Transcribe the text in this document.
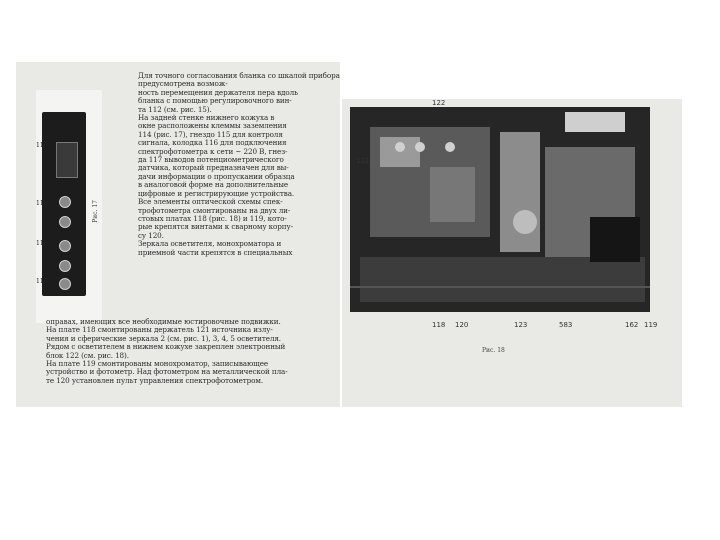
114
115
116
117
Рис. 17
Для точного согласования бланка со шкалой прибора предусмотрена возмож-
ность перемещения держателя пера вдоль
бланка с помощью регулировочного вин-
та 112 (см. рис. 15).
На задней стенке нижнего кожуха в
окне расположены клеммы заземления
114 (рис. 17), гнездо 115 для контроля
сигнала, колодка 116 для подключения
спектрофотометра к сети ~ 220 В, гнез-
да 117 выводов потенциометрического
датчика, который предназначен для вы-
дачи информации о пропускании образца
в аналоговой форме на дополнительные
цифровые и регистрирующие устройства.
Все элементы оптической схемы спек-
трофотометра смонтированы на двух ли-
стовых платах 118 (рис. 18) и 119, кото-
рые крепятся винтами к сварному корпу-
су 120.
Зеркала осветителя, монохроматора и
приемной части крепятся в специальных
оправах, имеющих все необходимые юстировочные подвижки.
На плате 118 смонтированы держатель 121 источника излу-
чения и сферические зеркала 2 (см. рис. 1), 3, 4, 5 осветителя.
Рядом с осветителем в нижнем кожухе закреплен электронный
блок 122 (см. рис. 18).
На плате 119 смонтированы монохроматор, записывающее
устройство и фотометр. Над фотометром на металлической пла-
те 120 установлен пульт управления спектрофотометром.
122
121
118 120	123	583	162 119
Рис. 18
